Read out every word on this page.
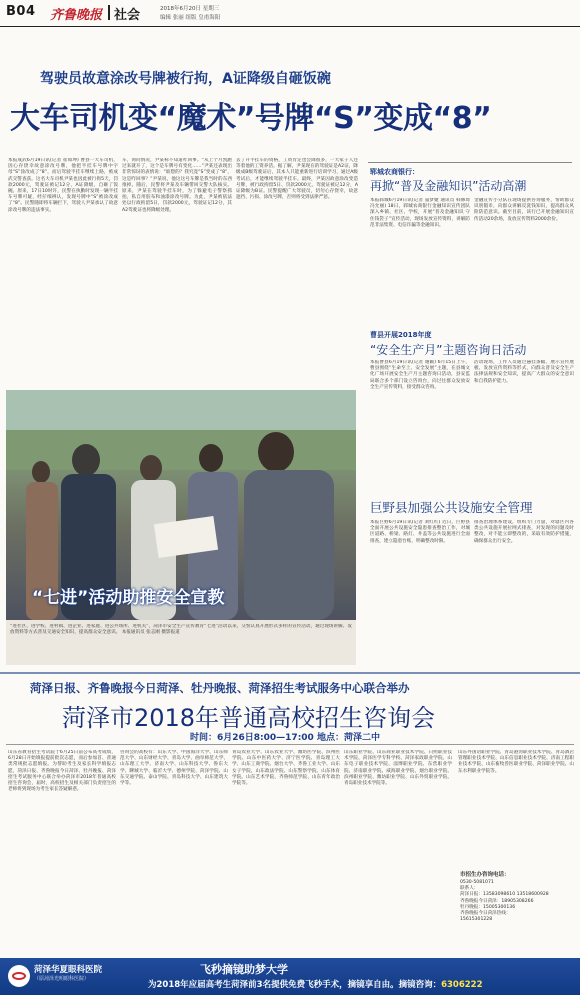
B04 齐鲁晚报 社会	2018年6月20日 星期三
编辑 张丽 组版 皇甫海阳
驾驶员故意涂改号牌被行拘，A证降级自砸饭碗
大车司机变“魔术”号牌“S”变成“8”
本报成武6月19日讯(记者 崔如坤) 曹县一大车司机，因心存侥幸故意涂改号牌，他把半挂车号牌中字母“S”涂改成了“8”，而后驾驶半挂车继续上路，被成武交警查获。这名大车司机尹某也因此被行拘5天，罚款2000元，驾驶证被记12分，A证降级，自砸了饭碗。原来，17日10时许，民警在执勤时发现一辆半挂车号牌可疑，经仔细辨认，发现号牌中“S”被涂改成了“8”。民警随即将车辆拦下，驾驶人尹某承认了故意涂改号牌的违法事实。
车，询问情况，尹某称不知道咋回事。“从上个月凯跑过来就开了，这个是车牌号有变化……”尹某还表现出非常惊讶的表情说：“谁想的？我究竟“S”变成了“8”，这是咋回事？”尹某说，他这这号车牌是我当时的东西推掉。随后，民警将尹某及车辆带回交警大队核实。原来，尹某在驾驶半挂车时，为了躲避电子警察抓拍，私自用胶布和油漆涂改号牌。为此，尹某被依法处以行政拘留5日，罚款2000元，驾驶证记12分，其A2驾驶证也将降级处理。
去了开半挂车的资格，工资肯定也会降很多，一大家子人还等着他的工资养活。据了解，尹某现在的驾驶证是A2证，降级成B级驾驶证后，其本人只能重新进行培训学习，通过A级考试后，才能继续驾驶半挂车。最终，尹某因故意涂改变造号牌，被行政拘留5日、罚款2000元，驾驶证被记12分，A证降级为B证。民警提醒广大驾驶员，切勿心存侥幸，故意遮挡、污损、涂改号牌，否则将受到法律严惩。
郓城农商银行：
再掀“普及金融知识”活动高潮
本报郓城6月19日讯(记者 董梦婕 通讯员 韩修琦 冯允丽) 18日，郓城农商银行金融知识宣传团队深入乡镇、社区、学校，开展“普及金融知识 守住钱袋子”宣传活动，现场发放宣传资料，讲解防范非法集资、电信诈骗等金融知识。
金融宣传小分队在现场提供咨询服务，帮助群众识别假币，向群众讲解反洗钱知识，提高群众风险防范意识。截至目前，该行已开展金融知识宣传活动20余场，发放宣传资料2000余份。
曹县开展2018年度
“安全生产月”主题咨询日活动
本报曹县6月19日讯(记者 谢颖) 6月15日上午，曹县围绕“生命至上、安全发展”主题，在县城文化广场开展安全生产月主题咨询日活动，县安监局联合多个部门设立咨询台，向过往群众发放安全生产宣传资料，接受群众咨询。
活动现场，工作人员通过悬挂条幅、展示宣传展板、发放宣传资料等形式，向群众普及安全生产法律法规和安全知识，提高广大群众的安全意识和自我防护能力。
巨野县加强公共设施安全管理
本报巨野6月19日讯(记者 刘红红) 近日，巨野县全面开展公共设施安全隐患排查整治工作，对城区道路、桥梁、路灯、井盖等公共设施进行全面排查，建立隐患台账，明确整改时限。
排查治理体系建设，组织专门力量，对辖区内各类公共设施开展拉网式排查，对发现的问题及时整改，对不能立即整改的，采取有效防护措施，确保群众出行安全。
“七进”活动助推安全宣教
“进社区、进学校、进村镇、进企业、进家庭、进公共场所、进机关”，菏泽市安全生产宣传教育“七进”活动以来，交警认真开展形式多样的宣传活动，通过现场讲解、发放资料等方式普及交通安全知识，提高群众安全意识。 本报通讯员 张志刚 摄影报道
菏泽日报、齐鲁晚报今日菏泽、牡丹晚报、菏泽招生考试服务中心联合举办
菏泽市2018年普通高校招生咨询会
时间：6月26日8:00—17:00 地点：菏泽二中
山东省教育招生考试院于6月25日前公布高考成绩，6月28日开始填报提前批次志愿，而后参加首、普通类常规批志愿填报。为帮助考生及家长科学填报志愿，菏泽日报、齐鲁晚报今日菏泽、牡丹晚报、菏泽招生考试服务中心联合举办菏泽市2018年普通高校招生咨询会，届时，高校招生及相关部门负责招生的老师将到现场为考生家长答疑解惑。
咨询会的高校有：山东大学、中国海洋大学、山东师范大学、山东财经大学、青岛大学、曲阜师范大学、山东理工大学、济南大学、山东科技大学、鲁东大学、聊城大学、临沂大学、德州学院、菏泽学院、山东交通学院、泰山学院、青岛科技大学、山东建筑大学等。
青岛农业大学、山东农业大学、潍坊医学院、滨州医学院、山东中医药大学、济宁医学院、青岛理工大学、山东工商学院、烟台大学、齐鲁工业大学、山东女子学院、山东政法学院、山东警察学院、山东体育学院、山东艺术学院、齐鲁师范学院、山东青年政治学院等。
山东职业学院、山东商业职业技术学院、日照职业技术学院、菏泽医学专科学校、菏泽家政职业学院、山东电子职业技术学院、淄博职业学院、东营职业学院、济南职业学院、威海职业学院、烟台职业学院、滨州职业学院、潍坊职业学院、山东外贸职业学院、青岛职业技术学院等。
山东外国语职业学院、青岛港湾职业技术学院、青岛酒店管理职业技术学院、山东信息职业技术学院、济南工程职业技术学院、山东畜牧兽医职业学院、菏泽职业学院、山东水利职业学院等。
市招生办咨询电话：
0530-5081071
联系人：
菏泽日报：13583098610 13518600928
齐鲁晚报今日菏泽：18905308266
牡丹晚报：15005300136
齐鲁晚报今日菏泽热线：
15615301228
菏泽华夏眼科医院
（原菏泽光明眼科医院）
飞秒摘镜助梦大学
为2018年应届高考生菏泽前3名提供免费飞秒手术，摘镜享自由。摘镜咨询：6306222
